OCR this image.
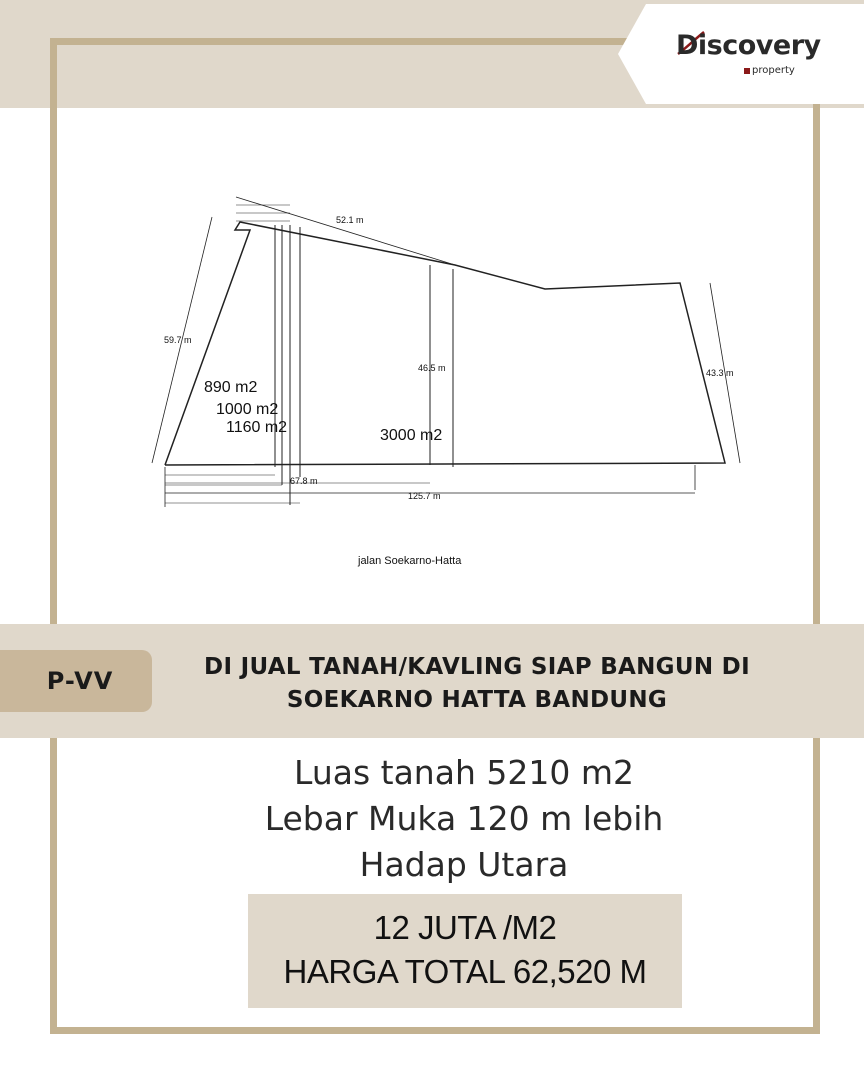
Discovery
property
52.1 m
59.7 m
46.5 m	43.3 m
67.8 m
125.7 m
890 m2
1000 m2
1160 m2	3000 m2
jalan Soekarno-Hatta
P-VV	DI JUAL TANAH/KAVLING SIAP BANGUN DI
SOEKARNO HATTA BANDUNG
Luas tanah 5210 m2
Lebar Muka 120 m lebih
Hadap Utara
12 JUTA /M2
HARGA TOTAL 62,520 M
